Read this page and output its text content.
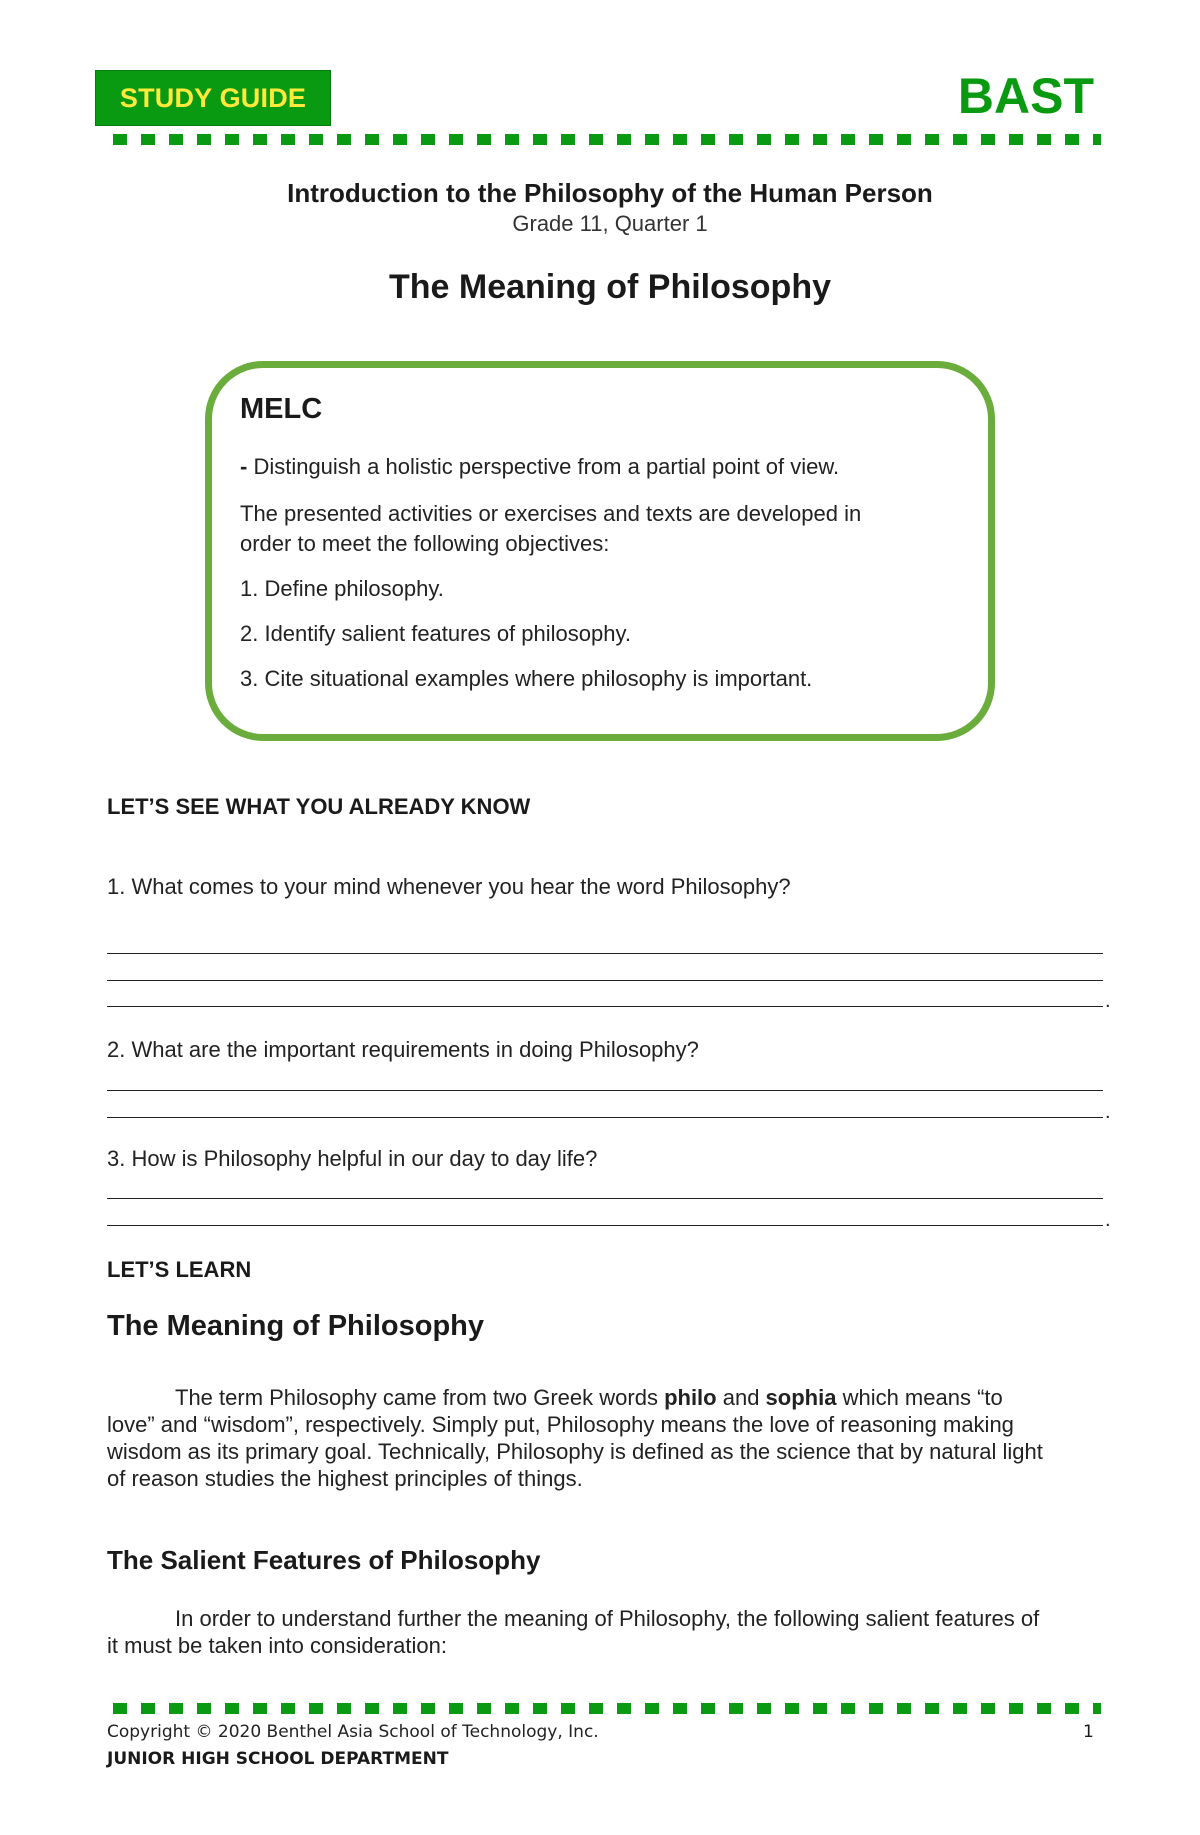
STUDY GUIDE	BAST
Introduction to the Philosophy of the Human Person
Grade 11, Quarter 1
The Meaning of Philosophy
MELC
- Distinguish a holistic perspective from a partial point of view.
The presented activities or exercises and texts are developed in
order to meet the following objectives:
1. Define philosophy.
2. Identify salient features of philosophy.
3. Cite situational examples where philosophy is important.
LET’S SEE WHAT YOU ALREADY KNOW
1. What comes to your mind whenever you hear the word Philosophy?
.
2. What are the important requirements in doing Philosophy?
.
3. How is Philosophy helpful in our day to day life?
.
LET’S LEARN
The Meaning of Philosophy
The term Philosophy came from two Greek words philo and sophia which means “to
love” and “wisdom”, respectively. Simply put, Philosophy means the love of reasoning making
wisdom as its primary goal. Technically, Philosophy is defined as the science that by natural light
of reason studies the highest principles of things.
The Salient Features of Philosophy
In order to understand further the meaning of Philosophy, the following salient features of
it must be taken into consideration:
Copyright © 2020 Benthel Asia School of Technology, Inc.
JUNIOR HIGH SCHOOL DEPARTMENT
1
